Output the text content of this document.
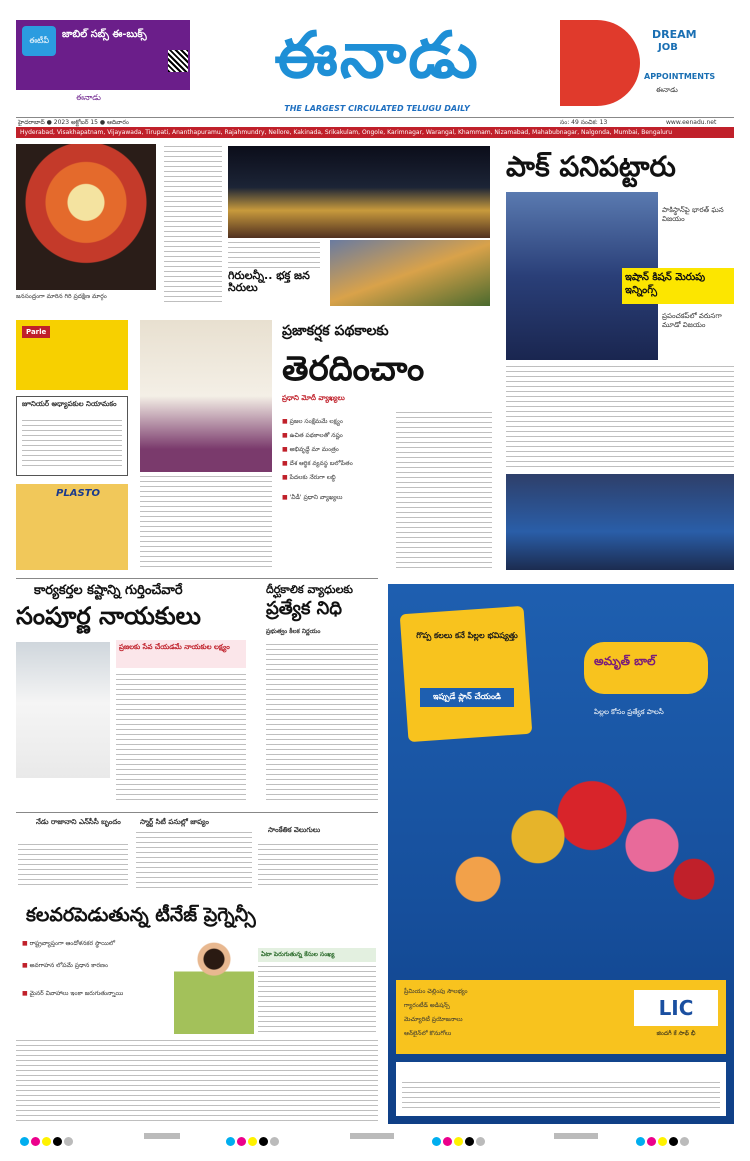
ఈటీవీ
జాబిల్ సబ్స్ ఈ-బుక్స్
ఈనాడు
ఈనాడు
THE LARGEST CIRCULATED TELUGU DAILY
DREAM
JOB
APPOINTMENTS
ఈనాడు
హైదరాబాద్ ● 2023 అక్టోబర్ 15 ● ఆదివారం	సం: 49 సంచిక: 13	www.eenadu.net
Hyderabad, Visakhapatnam, Vijayawada, Tirupati, Ananthapuramu, Rajahmundry, Nellore, Kakinada, Srikakulam, Ongole, Karimnagar, Warangal, Khammam, Nizamabad, Mahabubnagar, Nalgonda, Mumbai, Bengaluru
జనసంద్రంగా మారిన గిరి ప్రదక్షిణ మార్గం
గిరులన్నీ.. భక్త జన సిరులు
పాక్ పనిపట్టారు
పాకిస్థాన్‌పై భారత్ ఘన విజయం
ఇషాన్ కిషన్ మెరుపు ఇన్నింగ్స్
ప్రపంచకప్‌లో వరుసగా మూడో విజయం
Parle
జూనియర్ అధ్యాపకుల నియామకం
PLASTO
ప్రజాకర్షక పథకాలకు
తెరదించాం
ప్రధాని మోదీ వ్యాఖ్యలు
■ ప్రజల సంక్షేమమే లక్ష్యం
■ ఉచిత పథకాలతో నష్టం
■ అభివృద్ధే మా మంత్రం
■ దేశ ఆర్థిక వ్యవస్థ బలోపేతం
■ పేదలకు నేరుగా లబ్ధి
■ 'వీడీ' ప్రధాని వ్యాఖ్యలు
కార్యకర్తల కష్టాన్ని గుర్తించేవారే
సంపూర్ణ నాయకులు
ప్రజలకు సేవ చేయడమే నాయకుల లక్ష్యం
దీర్ఘకాలిక వ్యాధులకు
ప్రత్యేక నిధి
ప్రభుత్వం కీలక నిర్ణయం
నేడు రాజానాని ఎన్‌సీసీ బృందం	స్మార్ట్ సిటీ పనుల్లో జాప్యం
సాంకేతిక వెలుగులు
కలవరపెడుతున్న టీనేజ్ ప్రెగ్నెన్సీ
■ రాష్ట్రవ్యాప్తంగా ఆందోళనకర స్థాయిలో
■ అవగాహన లోపమే ప్రధాన కారణం
■ మైనర్ వివాహాలు ఇంకా జరుగుతున్నాయి
ఏటా పెరుగుతున్న కేసుల సంఖ్య
గొప్ప కలలు కనే పిల్లల భవిష్యత్తు
ఇప్పుడే ప్లాన్ చేయండి
అమృత్ బాల్
పిల్లల కోసం ప్రత్యేక పాలసీ
ప్రీమియం చెల్లింపు సౌలభ్యం
గ్యారంటీడ్ అడిషన్స్
మెచ్యూరిటీ ప్రయోజనాలు
ఆన్‌లైన్‌లో కొనుగోలు
LIC
జిందగీ కే సాథ్ భీ
